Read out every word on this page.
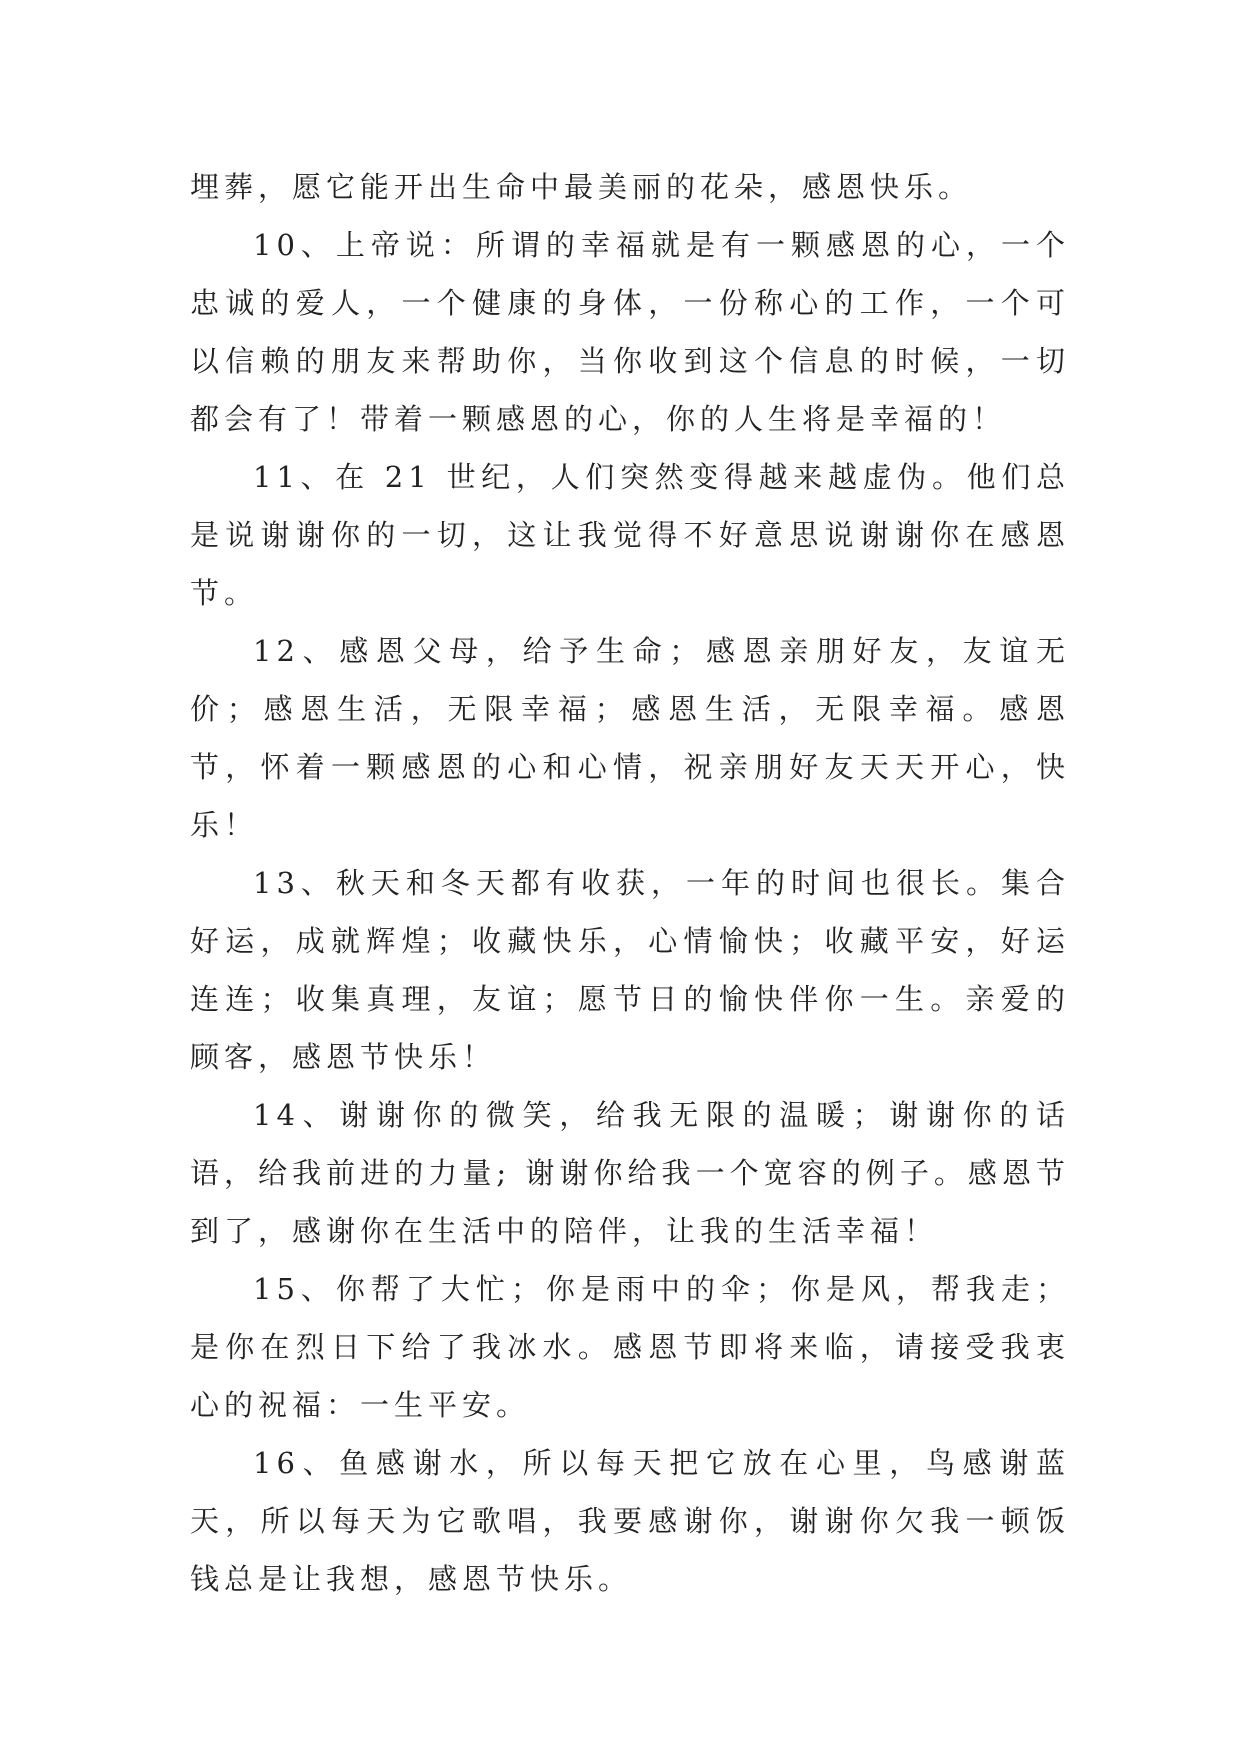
埋葬，愿它能开出生命中最美丽的花朵，感恩快乐。

10、上帝说：所谓的幸福就是有一颗感恩的心，一个忠诚的爱人，一个健康的身体，一份称心的工作，一个可以信赖的朋友来帮助你，当你收到这个信息的时候，一切都会有了！带着一颗感恩的心，你的人生将是幸福的！

11、在 21 世纪，人们突然变得越来越虚伪。他们总是说谢谢你的一切，这让我觉得不好意思说谢谢你在感恩节。

12、感恩父母，给予生命；感恩亲朋好友，友谊无价；感恩生活，无限幸福；感恩生活，无限幸福。感恩节，怀着一颗感恩的心和心情，祝亲朋好友天天开心，快乐！

13、秋天和冬天都有收获，一年的时间也很长。集合好运，成就辉煌；收藏快乐，心情愉快；收藏平安，好运连连；收集真理，友谊；愿节日的愉快伴你一生。亲爱的顾客，感恩节快乐！

14、谢谢你的微笑，给我无限的温暖；谢谢你的话语，给我前进的力量; 谢谢你给我一个宽容的例子。感恩节到了，感谢你在生活中的陪伴，让我的生活幸福！

15、你帮了大忙；你是雨中的伞；你是风，帮我走；是你在烈日下给了我冰水。感恩节即将来临，请接受我衷心的祝福：一生平安。

16、鱼感谢水，所以每天把它放在心里，鸟感谢蓝天，所以每天为它歌唱，我要感谢你，谢谢你欠我一顿饭钱总是让我想，感恩节快乐。
